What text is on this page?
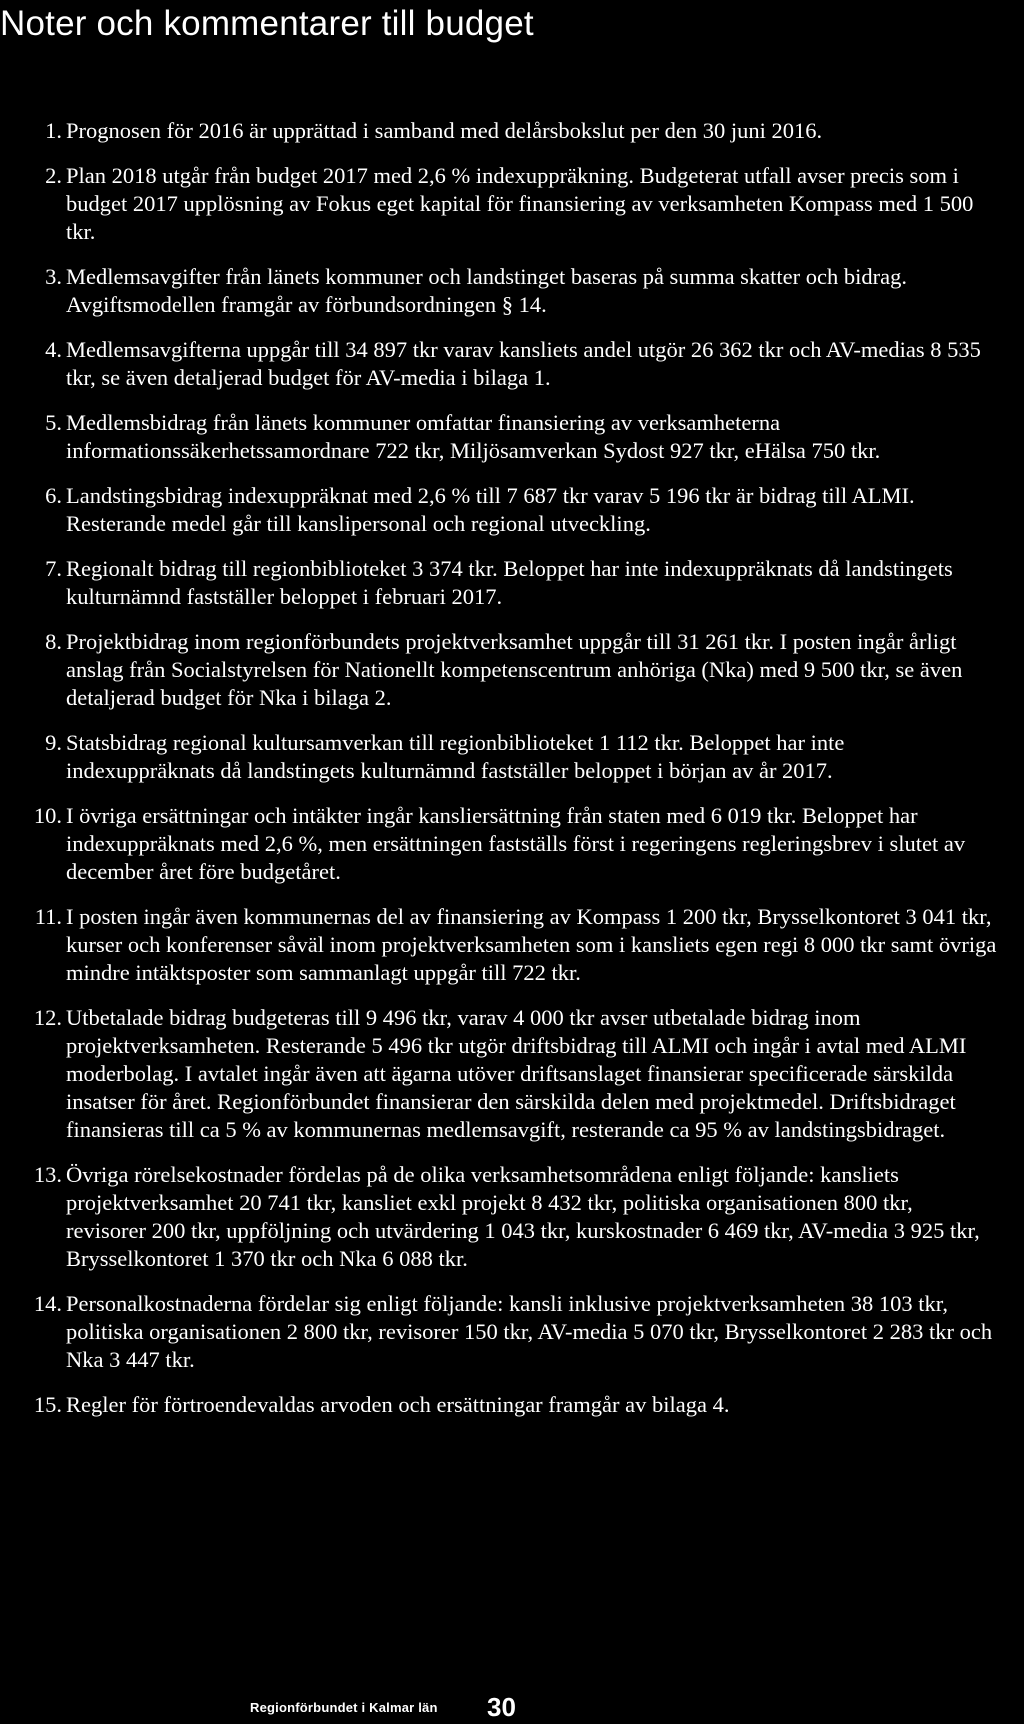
Noter och kommentarer till budget
1. Prognosen för 2016 är upprättad i samband med delårsbokslut per den 30 juni 2016.
2. Plan 2018 utgår från budget 2017 med 2,6 % indexuppräkning. Budgeterat utfall avser precis som i budget 2017 upplösning av Fokus eget kapital för finansiering av verksamheten Kompass med 1 500 tkr.
3. Medlemsavgifter från länets kommuner och landstinget baseras på summa skatter och bidrag. Avgiftsmodellen framgår av förbundsordningen § 14.
4. Medlemsavgifterna uppgår till 34 897 tkr varav kansliets andel utgör 26 362 tkr och AV-medias 8 535 tkr, se även detaljerad budget för AV-media i bilaga 1.
5. Medlemsbidrag från länets kommuner omfattar finansiering av verksamheterna informationssäkerhetssamordnare 722 tkr, Miljösamverkan Sydost 927 tkr, eHälsa 750 tkr.
6. Landstingsbidrag indexuppräknat med 2,6 % till 7 687 tkr varav 5 196 tkr är bidrag till ALMI. Resterande medel går till kanslipersonal och regional utveckling.
7. Regionalt bidrag till regionbiblioteket 3 374 tkr. Beloppet har inte indexuppräknats då landstingets kulturnämnd fastställer beloppet i februari 2017.
8. Projektbidrag inom regionförbundets projektverksamhet uppgår till 31 261 tkr. I posten ingår årligt anslag från Socialstyrelsen för Nationellt kompetenscentrum anhöriga (Nka) med 9 500 tkr, se även detaljerad budget för Nka i bilaga 2.
9. Statsbidrag regional kultursamverkan till regionbiblioteket 1 112 tkr. Beloppet har inte indexuppräknats då landstingets kulturnämnd fastställer beloppet i början av år 2017.
10. I övriga ersättningar och intäkter ingår kansliersättning från staten med 6 019 tkr. Beloppet har indexuppräknats med 2,6 %, men ersättningen fastställs först i regeringens regleringsbrev i slutet av december året före budgetåret.
11. I posten ingår även kommunernas del av finansiering av Kompass 1 200 tkr, Brysselkontoret 3 041 tkr, kurser och konferenser såväl inom projektverksamheten som i kansliets egen regi 8 000 tkr samt övriga mindre intäktsposter som sammanlagt uppgår till 722 tkr.
12. Utbetalade bidrag budgeteras till 9 496 tkr, varav 4 000 tkr avser utbetalade bidrag inom projektverksamheten. Resterande 5 496 tkr utgör driftsbidrag till ALMI och ingår i avtal med ALMI moderbolag. I avtalet ingår även att ägarna utöver driftsanslaget finansierar specificerade särskilda insatser för året. Regionförbundet finansierar den särskilda delen med projektmedel. Driftsbidraget finansieras till ca 5 % av kommunernas medlemsavgift, resterande ca 95 % av landstingsbidraget.
13. Övriga rörelsekostnader fördelas på de olika verksamhetsområdena enligt följande: kansliets projektverksamhet 20 741 tkr, kansliet exkl projekt 8 432 tkr, politiska organisationen 800 tkr, revisorer 200 tkr, uppföljning och utvärdering 1 043 tkr, kurskostnader 6 469 tkr, AV-media 3 925 tkr, Brysselkontoret 1 370 tkr och Nka 6 088 tkr.
14. Personalkostnaderna fördelar sig enligt följande: kansli inklusive projektverksamheten 38 103 tkr, politiska organisationen 2 800 tkr, revisorer 150 tkr, AV-media 5 070 tkr, Brysselkontoret 2 283 tkr och Nka 3 447 tkr.
15. Regler för förtroendevaldas arvoden och ersättningar framgår av bilaga 4.
Regionförbundet i Kalmar län 30
